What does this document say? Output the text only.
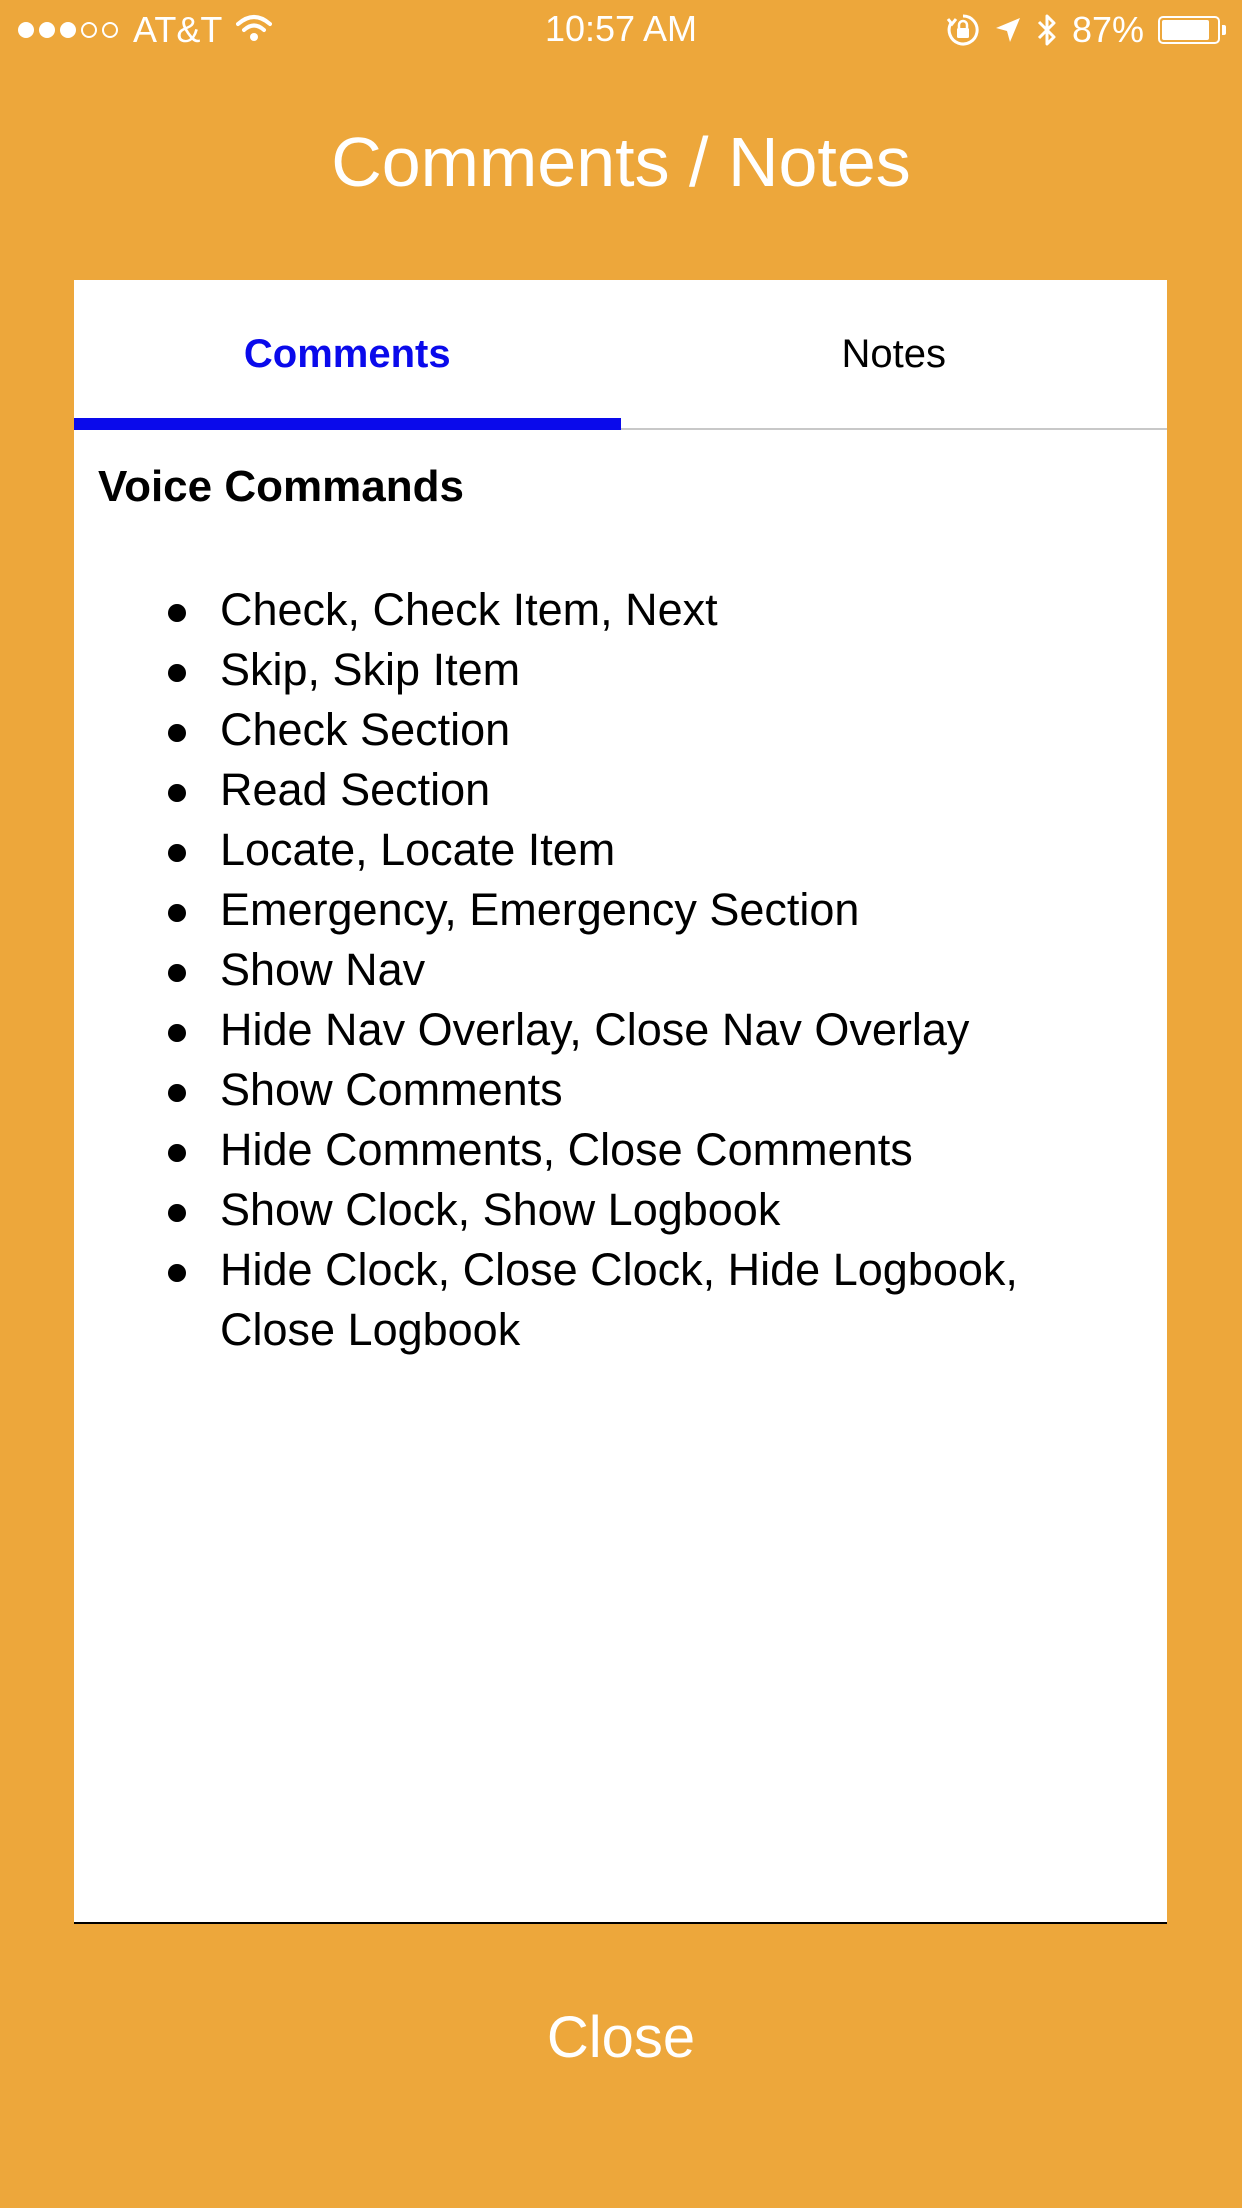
AT&T	10:57 AM	87%
Comments / Notes
Comments	Notes
Voice Commands
Check, Check Item, Next
Skip, Skip Item
Check Section
Read Section
Locate, Locate Item
Emergency, Emergency Section
Show Nav
Hide Nav Overlay, Close Nav Overlay
Show Comments
Hide Comments, Close Comments
Show Clock, Show Logbook
Hide Clock, Close Clock, Hide Logbook, Close Logbook
Close
